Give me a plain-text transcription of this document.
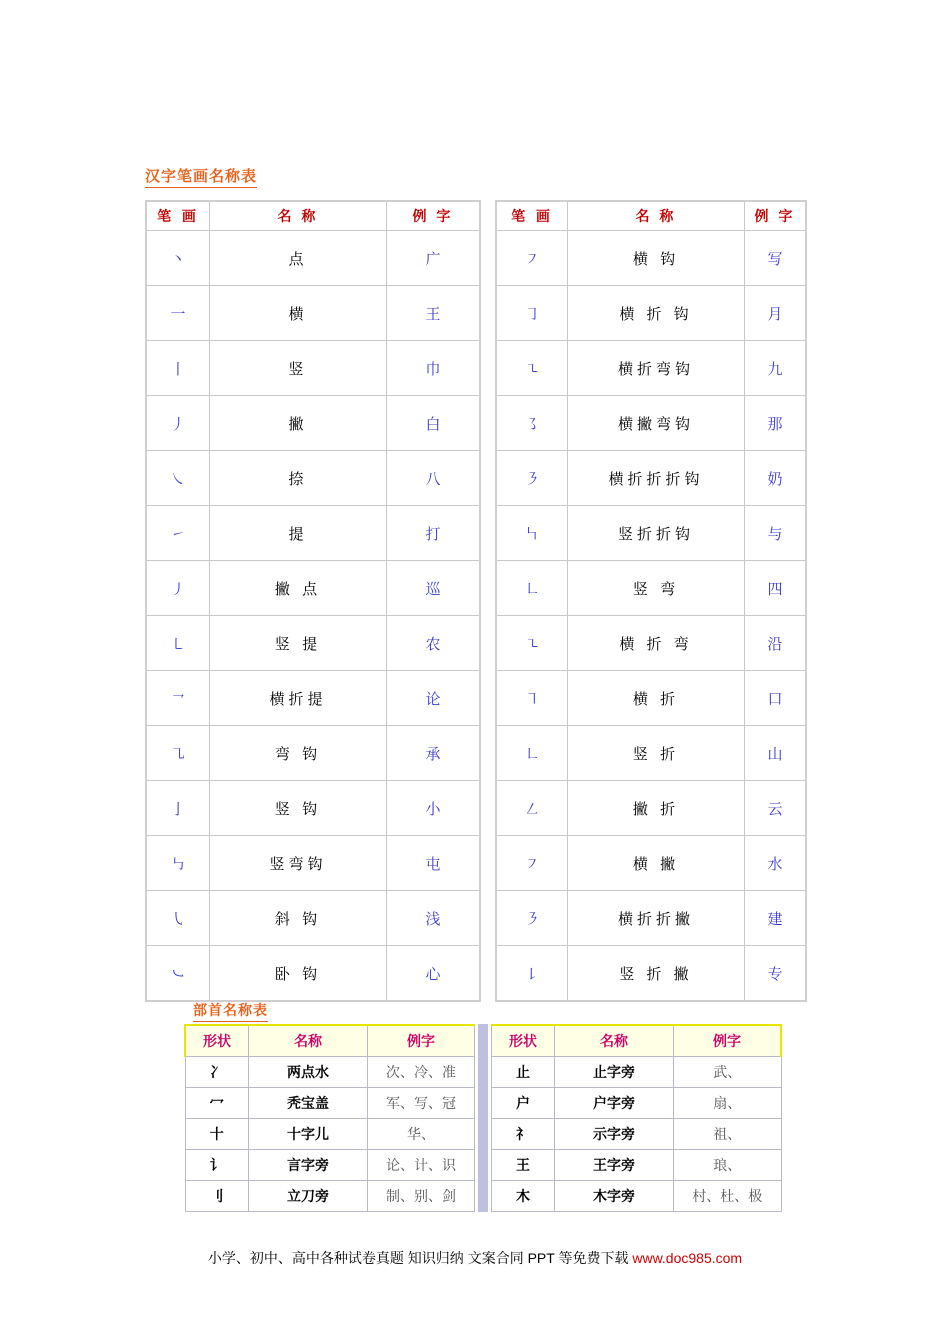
汉字笔画名称表
笔 画	名 称	例 字
丶	点	广
一	横	王
丨	竖	巾
丿	撇	白
㇏	捺	八
㇀	提	打
㇓	撇 点	巡
㇄	竖 提	农
㇖	横折提	论
㇈	弯 钩	承
亅	竖 钩	小
㇉	竖弯钩	屯
㇂	斜 钩	浅
㇃	卧 钩	心
笔 画	名 称	例 字
㇇	横 钩	写
㇆	横 折 钩	月
㇍	横折弯钩	九
㇌	横撇弯钩	那
㇋	横折折折钩	奶
㇞	竖折折钩	与
㇗	竖 弯	四
㇍	横 折 弯	沿
㇕	横 折	口
㇗	竖 折	山
㇜	撇 折	云
㇇	横 撇	水
㇋	横折折撇	建
㇙	竖 折 撇	专
部首名称表
形状	名称	例字
冫	两点水	次、冷、准
冖	秃宝盖	军、写、冠
十	十字儿	华、
讠	言字旁	论、计、识
刂	立刀旁	制、别、剑
形状	名称	例字
止	止字旁	武、
户	户字旁	扇、
礻	示字旁	祖、
王	王字旁	琅、
木	木字旁	村、杜、极
小学、初中、高中各种试卷真题 知识归纳 文案合同 PPT 等免费下载 www.doc985.com
